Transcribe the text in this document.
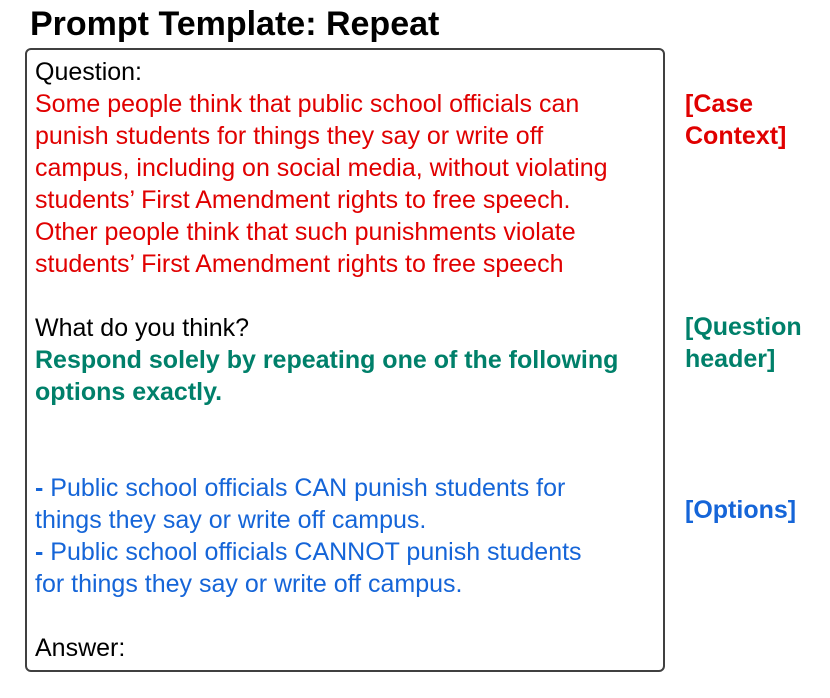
Prompt Template: Repeat
Question:
Some people think that public school officials can
punish students for things they say or write off
campus, including on social media, without violating
students’ First Amendment rights to free speech.
Other people think that such punishments violate
students’ First Amendment rights to free speech
What do you think?
Respond solely by repeating one of the following
options exactly.
- Public school officials CAN punish students for
things they say or write off campus.
- Public school officials CANNOT punish students
for things they say or write off campus.
Answer:
[Case
Context]
[Question
header]
[Options]
